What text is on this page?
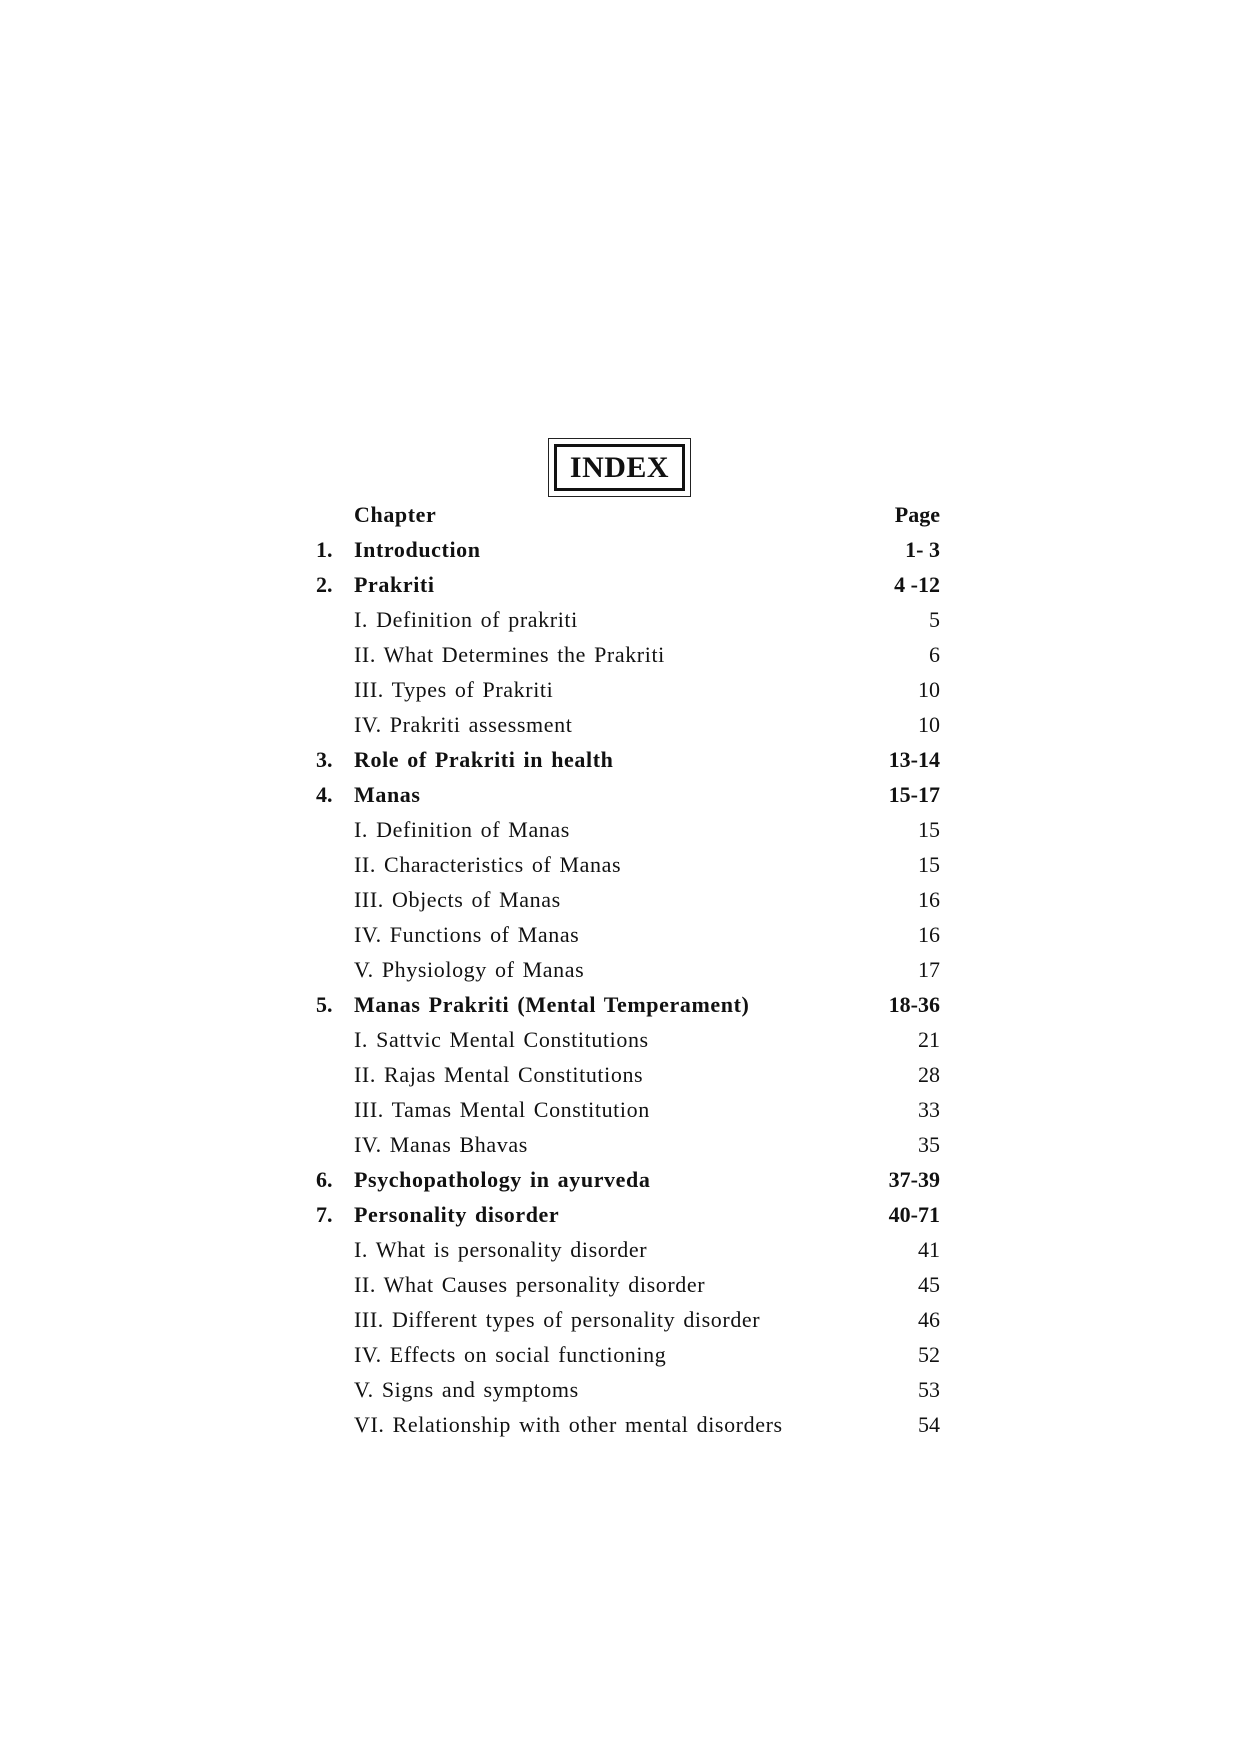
INDEX
Chapter	Page
1. Introduction	1- 3
2. Prakriti	4 -12
I. Definition of prakriti	5
II. What Determines the Prakriti	6
III. Types of Prakriti	10
IV. Prakriti assessment	10
3. Role of Prakriti in health	13-14
4. Manas	15-17
I. Definition of Manas	15
II. Characteristics of Manas	15
III. Objects of Manas	16
IV. Functions of Manas	16
V. Physiology of Manas	17
5. Manas Prakriti (Mental Temperament)	18-36
I. Sattvic Mental Constitutions	21
II. Rajas Mental Constitutions	28
III. Tamas Mental Constitution	33
IV. Manas Bhavas	35
6. Psychopathology in ayurveda	37-39
7. Personality disorder	40-71
I. What is personality disorder	41
II. What Causes personality disorder	45
III. Different types of personality disorder	46
IV. Effects on social functioning	52
V. Signs and symptoms	53
VI. Relationship with other mental disorders	54
